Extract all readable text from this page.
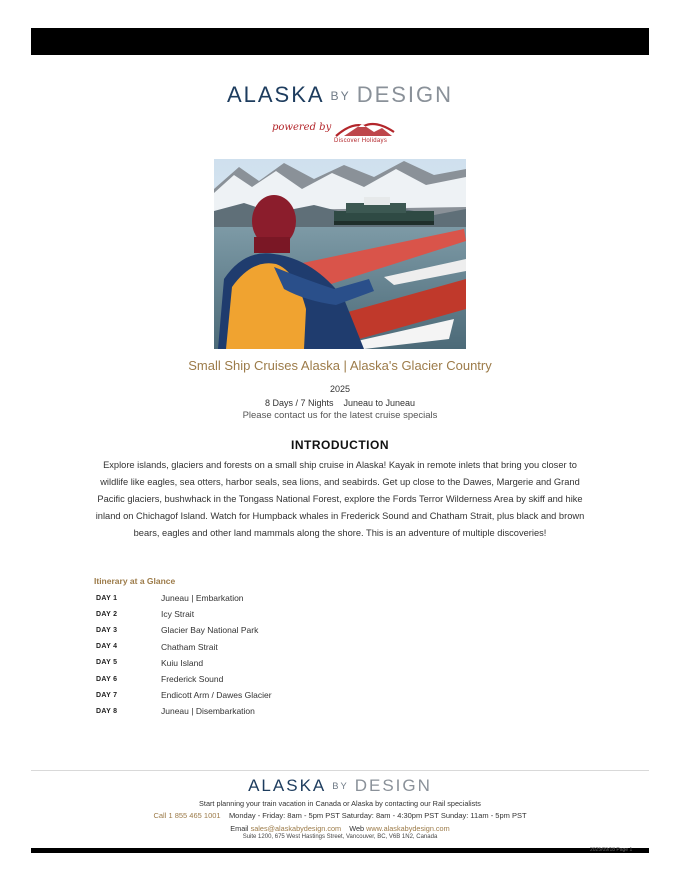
ALASKA BY DESIGN
powered by
Discover Holidays
Small Ship Cruises Alaska | Alaska's Glacier Country
2025
8 Days / 7 Nights Juneau to Juneau
Please contact us for the latest cruise specials
INTRODUCTION
Explore islands, glaciers and forests on a small ship cruise in Alaska! Kayak in remote inlets that bring you closer to wildlife like eagles, sea otters, harbor seals, sea lions, and seabirds. Get up close to the Dawes, Margerie and Grand Pacific glaciers, bushwhack in the Tongass National Forest, explore the Fords Terror Wilderness Area by skiff and hike inland on Chichagof Island. Watch for Humpback whales in Frederick Sound and Chatham Strait, plus black and brown bears, eagles and other land mammals along the shore. This is an adventure of multiple discoveries!
Itinerary at a Glance
DAY 1	Juneau | Embarkation
DAY 2	Icy Strait
DAY 3	Glacier Bay National Park
DAY 4	Chatham Strait
DAY 5	Kuiu Island
DAY 6	Frederick Sound
DAY 7	Endicott Arm / Dawes Glacier
DAY 8	Juneau | Disembarkation
ALASKA BY DESIGN
Start planning your train vacation in Canada or Alaska by contacting our Rail specialists
Call 1 855 465 1001 Monday - Friday: 8am - 5pm PST Saturday: 8am - 4:30pm PST Sunday: 11am - 5pm PST
Email sales@alaskabydesign.com Web www.alaskabydesign.com
Suite 1200, 675 West Hastings Street, Vancouver, BC, V6B 1N2, Canada
2025/09/18 Page 1
